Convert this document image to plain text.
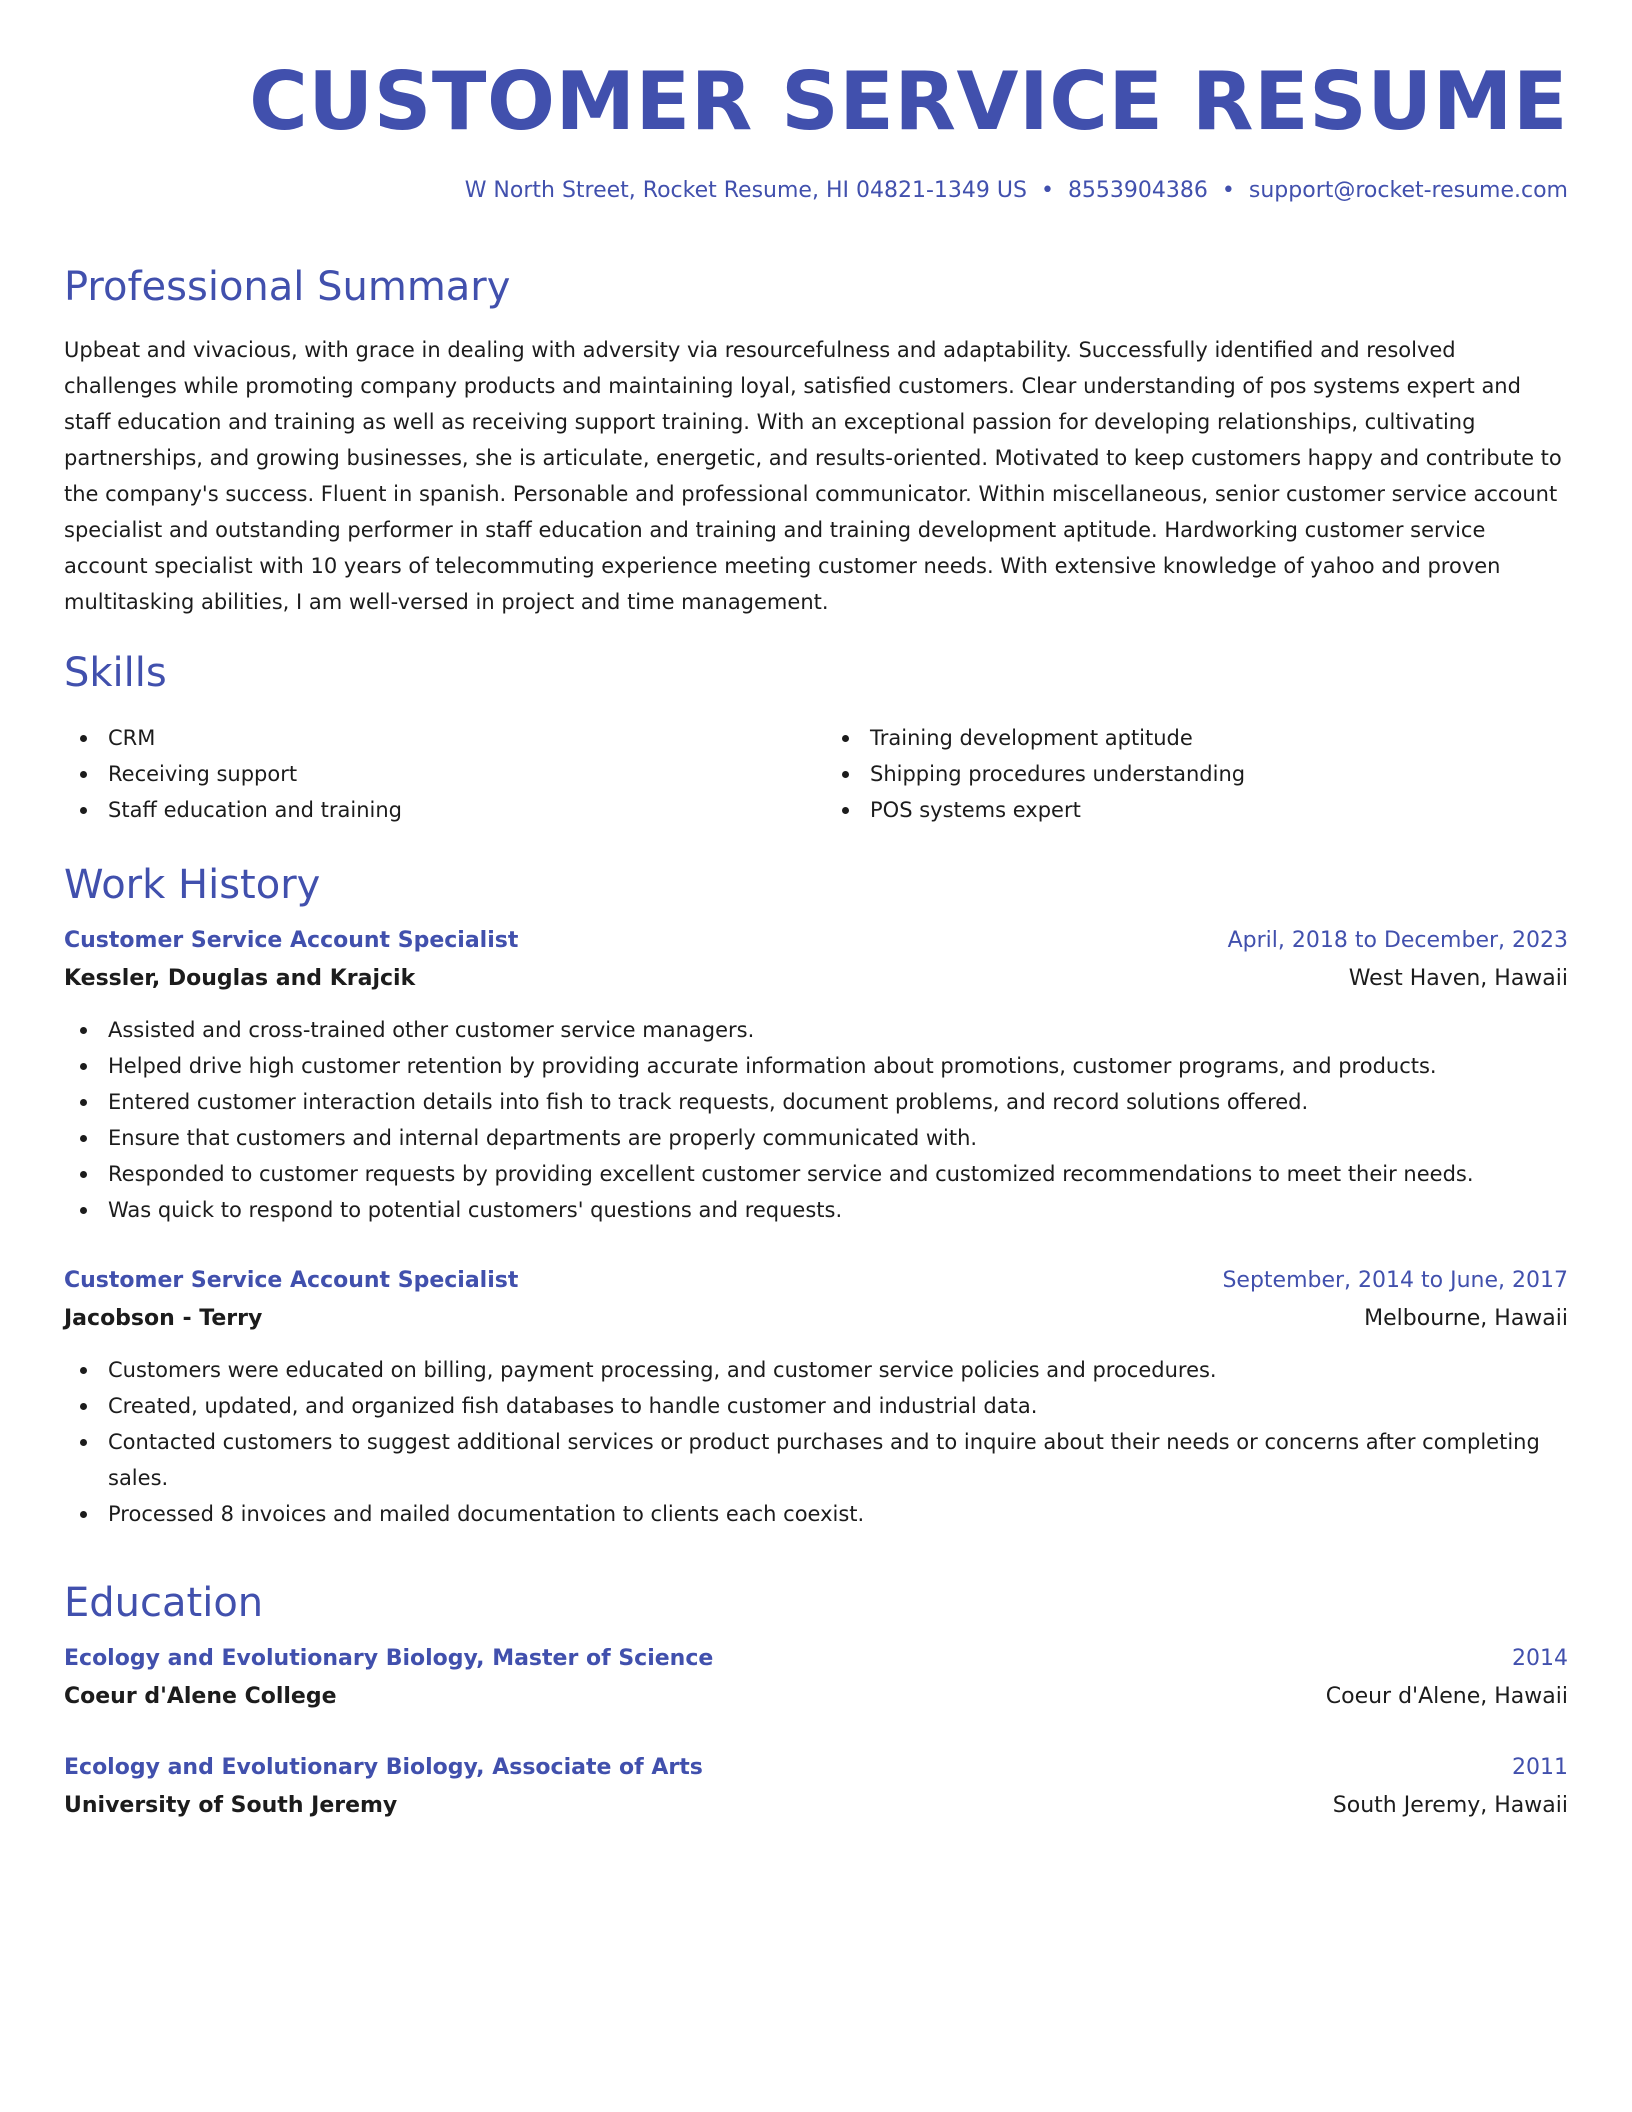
CUSTOMER SERVICE RESUME
W North Street, Rocket Resume, HI 04821-1349 US • 8553904386 • support@rocket-resume.com
Professional Summary

Upbeat and vivacious, with grace in dealing with adversity via resourcefulness and adaptability. Successfully identified and resolved challenges while promoting company products and maintaining loyal, satisfied customers. Clear understanding of pos systems expert and staff education and training as well as receiving support training. With an exceptional passion for developing relationships, cultivating partnerships, and growing businesses, she is articulate, energetic, and results-oriented. Motivated to keep customers happy and contribute to the company's success. Fluent in spanish. Personable and professional communicator. Within miscellaneous, senior customer service account specialist and outstanding performer in staff education and training and training development aptitude. Hardworking customer service account specialist with 10 years of telecommuting experience meeting customer needs. With extensive knowledge of yahoo and proven multitasking abilities, I am well-versed in project and time management.

Skills
CRM
Receiving support
Staff education and training
Training development aptitude
Shipping procedures understanding
POS systems expert
Work History
Customer Service Account Specialist	April, 2018 to December, 2023
Kessler, Douglas and Krajcik	West Haven, Hawaii
Assisted and cross-trained other customer service managers.
Helped drive high customer retention by providing accurate information about promotions, customer programs, and products.
Entered customer interaction details into fish to track requests, document problems, and record solutions offered.
Ensure that customers and internal departments are properly communicated with.
Responded to customer requests by providing excellent customer service and customized recommendations to meet their needs.
Was quick to respond to potential customers' questions and requests.
Customer Service Account Specialist	September, 2014 to June, 2017
Jacobson - Terry	Melbourne, Hawaii
Customers were educated on billing, payment processing, and customer service policies and procedures.
Created, updated, and organized fish databases to handle customer and industrial data.
Contacted customers to suggest additional services or product purchases and to inquire about their needs or concerns after completing sales.
Processed 8 invoices and mailed documentation to clients each coexist.
Education
Ecology and Evolutionary Biology, Master of Science	2014
Coeur d'Alene College	Coeur d'Alene, Hawaii
Ecology and Evolutionary Biology, Associate of Arts	2011
University of South Jeremy	South Jeremy, Hawaii
